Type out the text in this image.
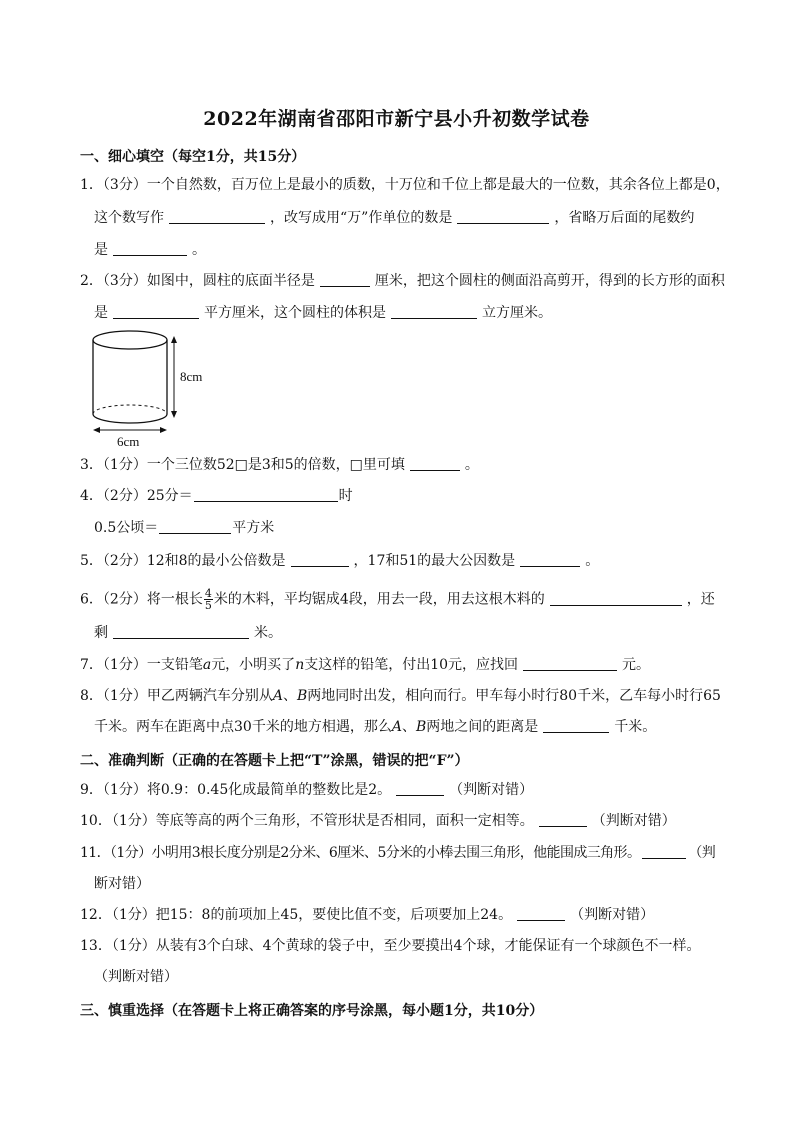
2022年湖南省邵阳市新宁县小升初数学试卷
一、细心填空（每空1分，共15分）
1．（3分）一个自然数，百万位上是最小的质数，十万位和千位上都是最大的一位数，其余各位上都是0，
这个数写作	，改写成用“万”作单位的数是	，省略万后面的尾数约
是	。
2．（3分）如图中，圆柱的底面半径是	厘米，把这个圆柱的侧面沿高剪开，得到的长方形的面积
是	平方厘米，这个圆柱的体积是	立方厘米。
8cm
6cm
3．（1分）一个三位数52□是3和5的倍数，□里可填	。
4．（2分）25分＝	时
0.5公顷＝	平方米
5．（2分）12和8的最小公倍数是	，17和51的最大公因数是	。
6．（2分）将一根长 $\frac{4}{5}$ 米的木料，平均锯成4段，用去一段，用去这根木料的	，还
剩	米。
7．（1分）一支铅笔a元，小明买了n支这样的铅笔，付出10元，应找回	元。
8．（1分）甲乙两辆汽车分别从A、B两地同时出发，相向而行。甲车每小时行80千米，乙车每小时行65
千米。两车在距离中点30千米的地方相遇，那么A、B两地之间的距离是	千米。
二、准确判断（正确的在答题卡上把“T”涂黑，错误的把“F”）
9．（1分）将0.9：0.45化成最简单的整数比是2。	（判断对错）
10．（1分）等底等高的两个三角形，不管形状是否相同，面积一定相等。	（判断对错）
11．（1分）小明用3根长度分别是2分米、6厘米、5分米的小棒去围三角形，他能围成三角形。	（判
断对错）
12．（1分）把15：8的前项加上45，要使比值不变，后项要加上24。	（判断对错）
13．（1分）从装有3个白球、4个黄球的袋子中，至少要摸出4个球，才能保证有一个球颜色不一样。
（判断对错）
三、慎重选择（在答题卡上将正确答案的序号涂黑，每小题1分，共10分）
